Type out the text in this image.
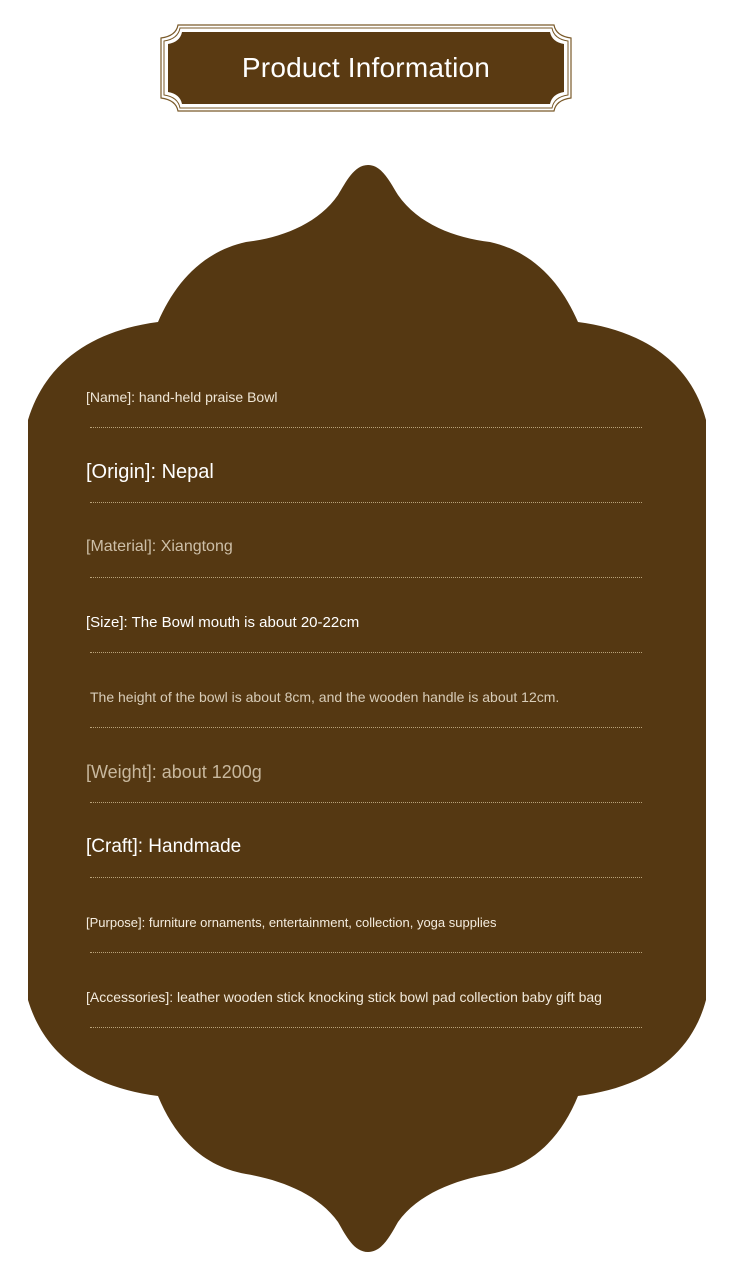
Product Information
[Name]: hand-held praise Bowl
[Origin]: Nepal
[Material]: Xiangtong
[Size]: The Bowl mouth is about 20-22cm
The height of the bowl is about 8cm, and the wooden handle is about 12cm.
[Weight]: about 1200g
[Craft]: Handmade
[Purpose]: furniture ornaments, entertainment, collection, yoga supplies
[Accessories]: leather wooden stick knocking stick bowl pad collection baby gift bag
